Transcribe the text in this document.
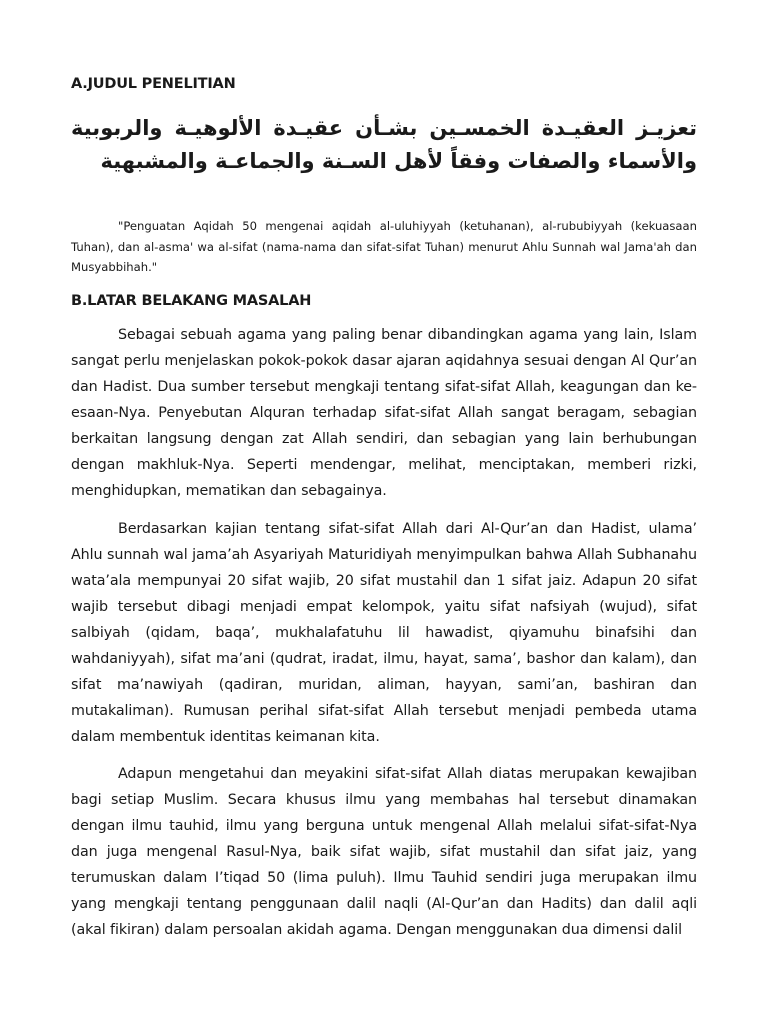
A.JUDUL PENELITIAN

تعزيـز العقيـدة الخمسـين بشـأن عقيـدة الألوهيـة والربوبية والأسماء والصفات وفقاً لأهل السـنة والجماعـة والمشبهية

"Penguatan Aqidah 50 mengenai aqidah al-uluhiyyah (ketuhanan), al-rububiyyah (kekuasaan Tuhan), dan al-asma' wa al-sifat (nama-nama dan sifat-sifat Tuhan) menurut Ahlu Sunnah wal Jama'ah dan Musyabbihah."

B.LATAR BELAKANG MASALAH

Sebagai sebuah agama yang paling benar dibandingkan agama yang lain, Islam sangat perlu menjelaskan pokok-pokok dasar ajaran aqidahnya sesuai dengan Al Qur’an dan Hadist. Dua sumber tersebut mengkaji tentang sifat-sifat Allah, keagungan dan ke-esaan-Nya. Penyebutan Alquran terhadap sifat-sifat Allah sangat beragam, sebagian berkaitan langsung dengan zat Allah sendiri, dan sebagian yang lain berhubungan dengan makhluk-Nya. Seperti mendengar, melihat, menciptakan, memberi rizki, menghidupkan, mematikan dan sebagainya.

Berdasarkan kajian tentang sifat-sifat Allah dari Al-Qur’an dan Hadist, ulama’ Ahlu sunnah wal jama’ah Asyariyah Maturidiyah menyimpulkan bahwa Allah Subhanahu wata’ala mempunyai 20 sifat wajib, 20 sifat mustahil dan 1 sifat jaiz. Adapun 20 sifat wajib tersebut dibagi menjadi empat kelompok, yaitu sifat nafsiyah (wujud), sifat salbiyah (qidam, baqa’, mukhalafatuhu lil hawadist, qiyamuhu binafsihi dan wahdaniyyah), sifat ma’ani (qudrat, iradat, ilmu, hayat, sama’, bashor dan kalam), dan sifat ma’nawiyah (qadiran, muridan, aliman, hayyan, sami’an, bashiran dan mutakaliman). Rumusan perihal sifat-sifat Allah tersebut menjadi pembeda utama dalam membentuk identitas keimanan kita.

Adapun mengetahui dan meyakini sifat-sifat Allah diatas merupakan kewajiban bagi setiap Muslim. Secara khusus ilmu yang membahas hal tersebut dinamakan dengan ilmu tauhid, ilmu yang berguna untuk mengenal Allah melalui sifat-sifat-Nya dan juga mengenal Rasul-Nya, baik sifat wajib, sifat mustahil dan sifat jaiz, yang terumuskan dalam I’tiqad 50 (lima puluh). Ilmu Tauhid sendiri juga merupakan ilmu yang mengkaji tentang penggunaan dalil naqli (Al-Qur’an dan Hadits) dan dalil aqli (akal fikiran) dalam persoalan akidah agama. Dengan menggunakan dua dimensi dalil
